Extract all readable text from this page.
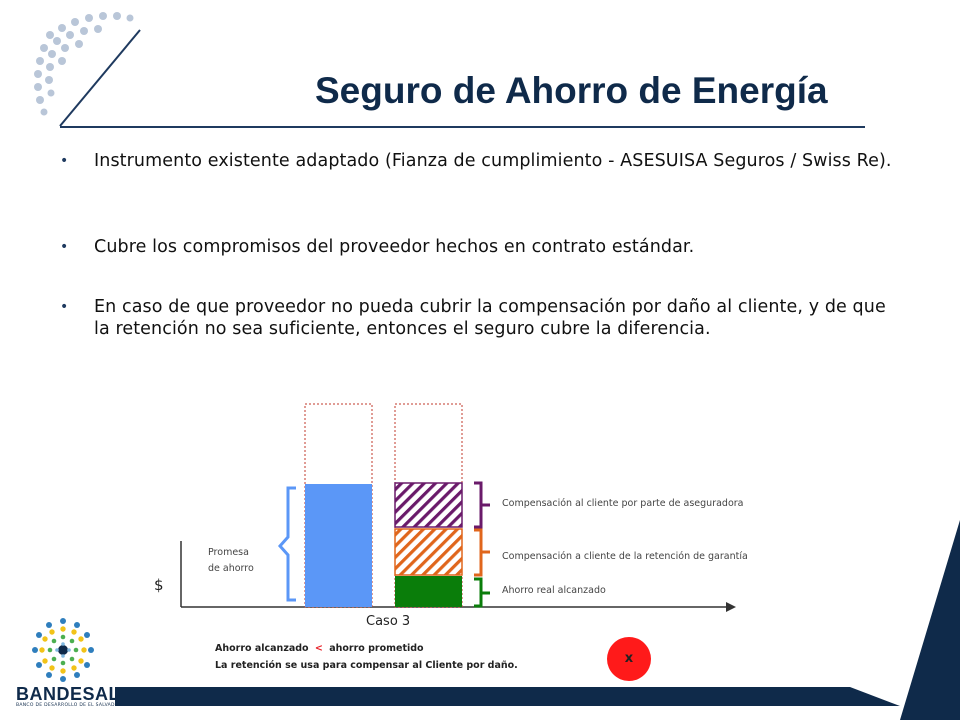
Seguro de Ahorro de Energía
• Instrumento existente adaptado (Fianza de cumplimiento - ASESUISA Seguros / Swiss Re).
• Cubre los compromisos del proveedor hechos en contrato estándar.
• En caso de que proveedor no pueda cubrir la compensación por daño al cliente, y de que la retención no sea suficiente, entonces el seguro cubre la diferencia.
$
Promesa
de ahorro
Caso 3
Compensación al cliente por parte de aseguradora
Compensación a cliente de la retención de garantía
Ahorro real alcanzado
Ahorro alcanzado < ahorro prometido
La retención se usa para compensar al Cliente por daño.	x
BANDESAL
BANCO DE DESARROLLO DE EL SALVADOR
